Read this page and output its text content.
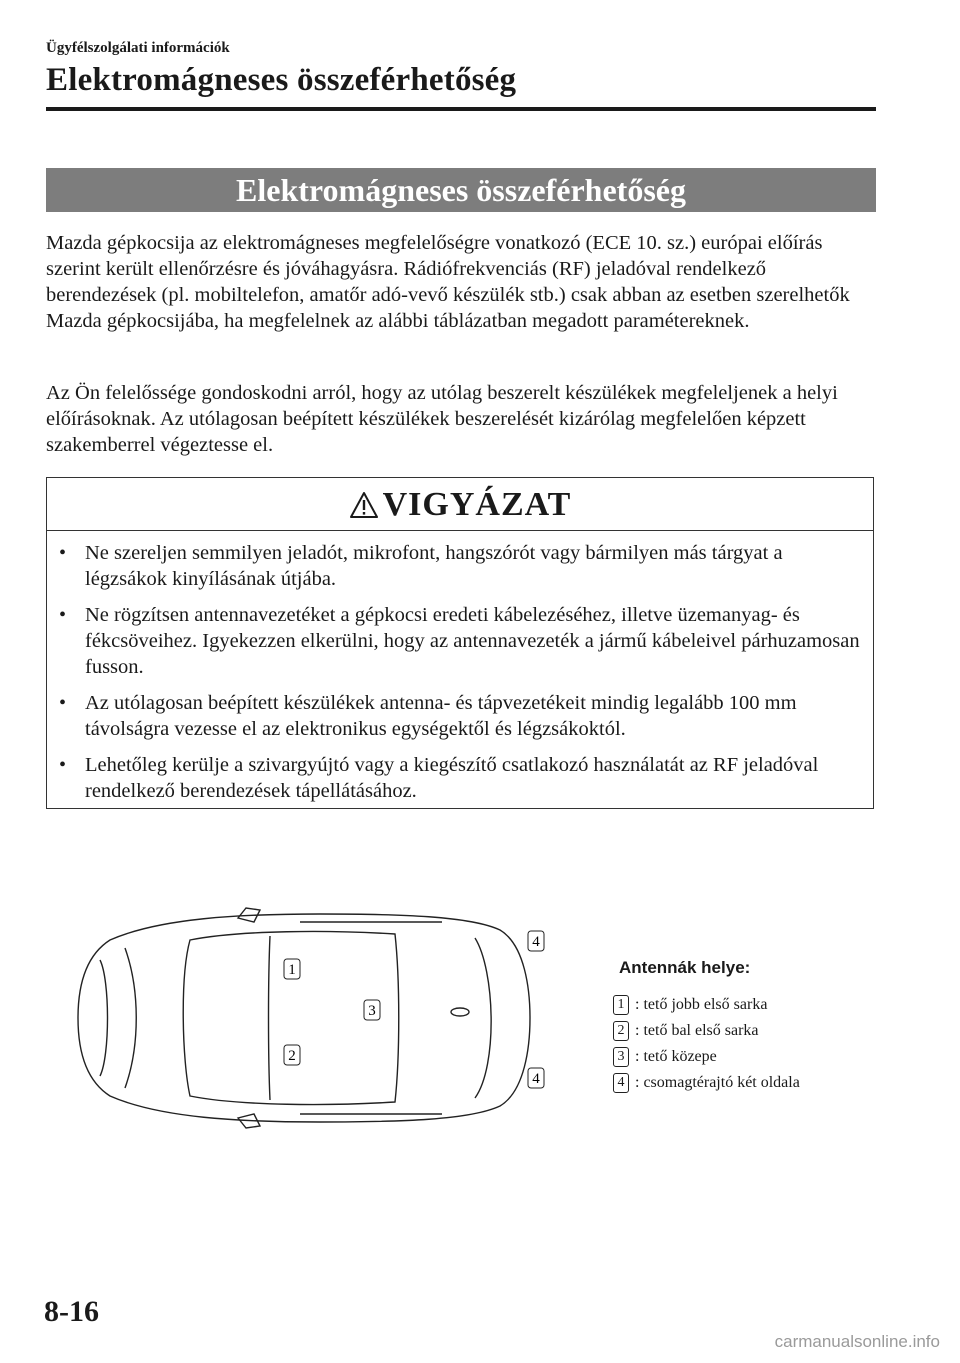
Ügyfélszolgálati információk
Elektromágneses összeférhetőség
Elektromágneses összeférhetőség

Mazda gépkocsija az elektromágneses megfelelőségre vonatkozó (ECE 10. sz.) európai előírás szerint került ellenőrzésre és jóváhagyásra. Rádiófrekvenciás (RF) jeladóval rendelkező berendezések (pl. mobiltelefon, amatőr adó-vevő készülék stb.) csak abban az esetben szerelhetők Mazda gépkocsijába, ha megfelelnek az alábbi táblázatban megadott paramétereknek.

Az Ön felelőssége gondoskodni arról, hogy az utólag beszerelt készülékek megfeleljenek a helyi előírásoknak. Az utólagosan beépített készülékek beszerelését kizárólag megfelelően képzett szakemberrel végeztesse el.

VIGYÁZAT
• Ne szereljen semmilyen jeladót, mikrofont, hangszórót vagy bármilyen más tárgyat a légzsákok kinyílásának útjába.
• Ne rögzítsen antennavezetéket a gépkocsi eredeti kábelezéséhez, illetve üzemanyag- és fékcsöveihez. Igyekezzen elkerülni, hogy az antennavezeték a jármű kábeleivel párhuzamosan fusson.
• Az utólagosan beépített készülékek antenna- és tápvezetékeit mindig legalább 100 mm távolságra vezesse el az elektronikus egységektől és légzsákoktól.
• Lehetőleg kerülje a szivargyújtó vagy a kiegészítő csatlakozó használatát az RF jeladóval rendelkező berendezések tápellátásához.
1
2
3
4
4
Antennák helye:
1 : tető jobb első sarka
2 : tető bal első sarka
3 : tető közepe
4 : csomagtérajtó két oldala
8-16
carmanualsonline.info
